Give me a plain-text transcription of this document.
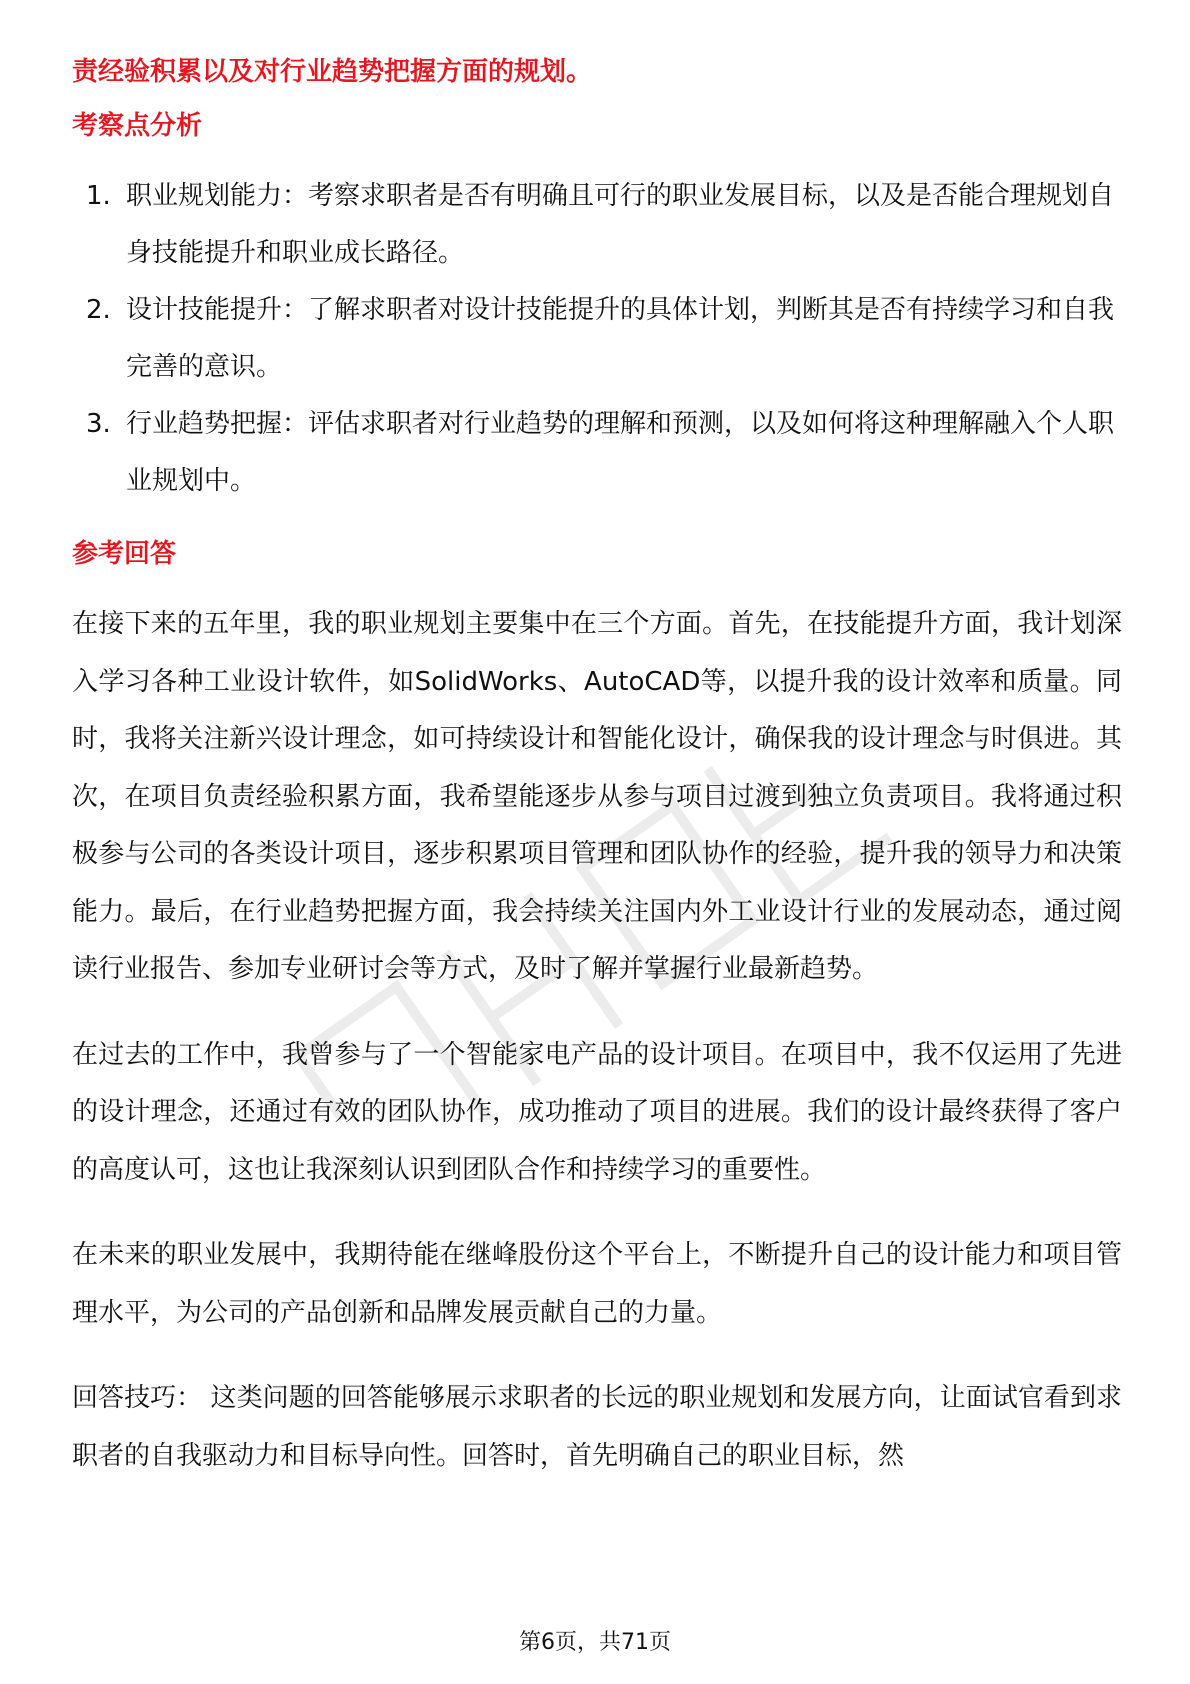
责经验积累以及对行业趋势把握方面的规划。

考察点分析
1. 职业规划能力：考察求职者是否有明确且可行的职业发展目标，以及是否能合理规划自身技能提升和职业成长路径。
2. 设计技能提升：了解求职者对设计技能提升的具体计划，判断其是否有持续学习和自我完善的意识。
3. 行业趋势把握：评估求职者对行业趋势的理解和预测，以及如何将这种理解融入个人职业规划中。
参考回答

在接下来的五年里，我的职业规划主要集中在三个方面。首先，在技能提升方面，我计划深入学习各种工业设计软件，如SolidWorks、AutoCAD等，以提升我的设计效率和质量。同时，我将关注新兴设计理念，如可持续设计和智能化设计，确保我的设计理念与时俱进。其次，在项目负责经验积累方面，我希望能逐步从参与项目过渡到独立负责项目。我将通过积极参与公司的各类设计项目，逐步积累项目管理和团队协作的经验，提升我的领导力和决策能力。最后，在行业趋势把握方面，我会持续关注国内外工业设计行业的发展动态，通过阅读行业报告、参加专业研讨会等方式，及时了解并掌握行业最新趋势。

在过去的工作中，我曾参与了一个智能家电产品的设计项目。在项目中，我不仅运用了先进的设计理念，还通过有效的团队协作，成功推动了项目的进展。我们的设计最终获得了客户的高度认可，这也让我深刻认识到团队合作和持续学习的重要性。

在未来的职业发展中，我期待能在继峰股份这个平台上，不断提升自己的设计能力和项目管理水平，为公司的产品创新和品牌发展贡献自己的力量。

回答技巧： 这类问题的回答能够展示求职者的长远的职业规划和发展方向，让面试官看到求职者的自我驱动力和目标导向性。回答时，首先明确自己的职业目标，然

第6页，共71页
